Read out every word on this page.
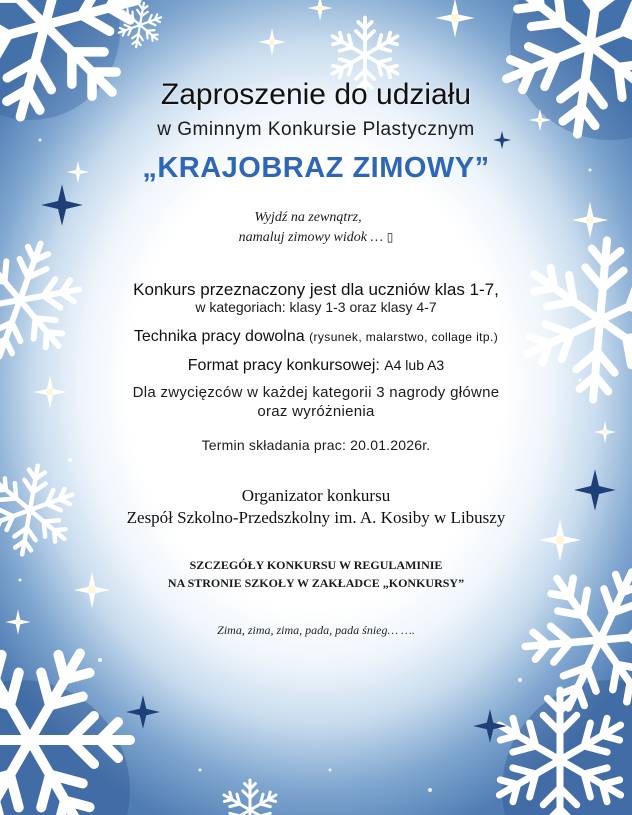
Zaproszenie do udziału
w Gminnym Konkursie Plastycznym
„KRAJOBRAZ ZIMOWY”
Wyjdź na zewnątrz,
namaluj zimowy widok … ▯
Konkurs przeznaczony jest dla uczniów klas 1-7,
w kategoriach: klasy 1-3 oraz klasy 4-7
Technika pracy dowolna (rysunek, malarstwo, collage itp.)
Format pracy konkursowej: A4 lub A3
Dla zwycięzców w każdej kategorii 3 nagrody główne
oraz wyróżnienia
Termin składania prac: 20.01.2026r.
Organizator konkursu
Zespół Szkolno-Przedszkolny im. A. Kosiby w Libuszy
SZCZEGÓŁY KONKURSU W REGULAMINIE
NA STRONIE SZKOŁY W ZAKŁADCE „KONKURSY”
Zima, zima, zima, pada, pada śnieg… ….
